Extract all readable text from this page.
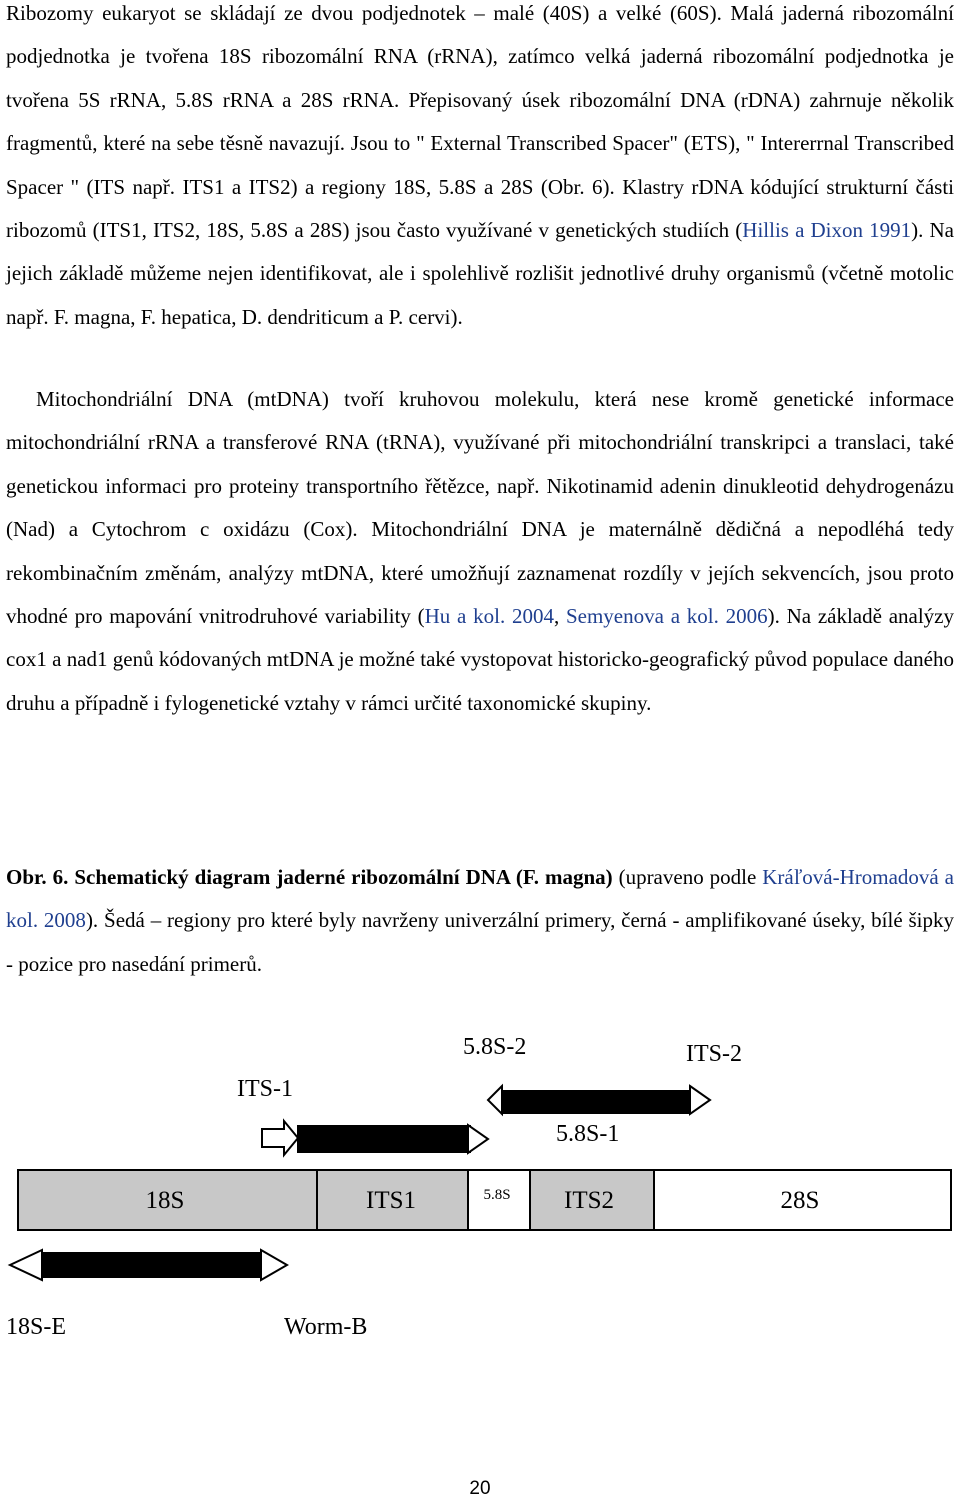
Ribozomy eukaryot se skládají ze dvou podjednotek – malé (40S) a velké (60S). Malá jaderná ribozomální podjednotka je tvořena 18S ribozomální RNA (rRNA), zatímco velká jaderná ribozomální podjednotka je tvořena 5S rRNA, 5.8S rRNA a 28S rRNA. Přepisovaný úsek ribozomální DNA (rDNA) zahrnuje několik fragmentů, které na sebe těsně navazují. Jsou to " External Transcribed Spacer" (ETS), " Intererrnal Transcribed Spacer " (ITS např. ITS1 a ITS2) a regiony 18S, 5.8S a 28S (Obr. 6). Klastry rDNA kódující strukturní části ribozomů (ITS1, ITS2, 18S, 5.8S a 28S) jsou často využívané v genetických studiích (Hillis a Dixon 1991). Na jejich základě můžeme nejen identifikovat, ale i spolehlivě rozlišit jednotlivé druhy organismů (včetně motolic např. F. magna, F. hepatica, D. dendriticum a P. cervi).

Mitochondriální DNA (mtDNA) tvoří kruhovou molekulu, která nese kromě genetické informace mitochondriální rRNA a transferové RNA (tRNA), využívané při mitochondriální transkripci a translaci, také genetickou informaci pro proteiny transportního řětězce, např. Nikotinamid adenin dinukleotid dehydrogenázu (Nad) a Cytochrom c oxidázu (Cox). Mitochondriální DNA je maternálně dědičná a nepodléhá tedy rekombinačním změnám, analýzy mtDNA, které umožňují zaznamenat rozdíly v jejích sekvencích, jsou proto vhodné pro mapování vnitrodruhové variability (Hu a kol. 2004, Semyenova a kol. 2006). Na základě analýzy cox1 a nad1 genů kódovaných mtDNA je možné také vystopovat historicko-geografický původ populace daného druhu a případně i fylogenetické vztahy v rámci určité taxonomické skupiny.

Obr. 6. Schematický diagram jaderné ribozomální DNA (F. magna) (upraveno podle Kráľová-Hromadová a kol. 2008). Šedá – regiony pro které byly navrženy univerzální primery, černá - amplifikované úseky, bílé šipky - pozice pro nasedání primerů.

18S	ITS1	5.8S ITS2	28S
ITS-1
5.8S-2	ITS-2
5.8S-1
18S-E	Worm-B
20
